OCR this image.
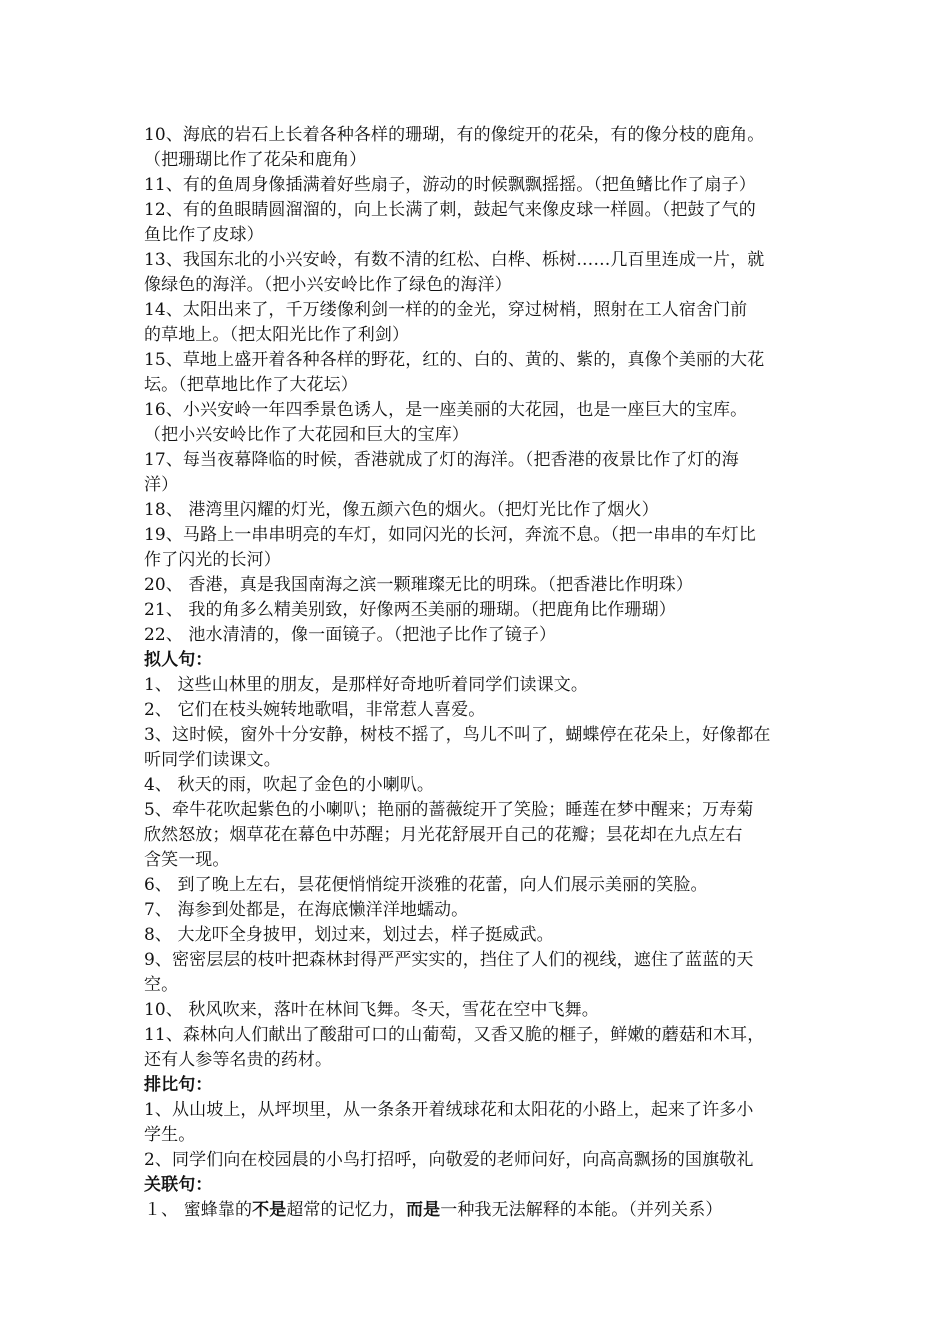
10、海底的岩石上长着各种各样的珊瑚，有的像绽开的花朵，有的像分枝的鹿角。
（把珊瑚比作了花朵和鹿角）
11、有的鱼周身像插满着好些扇子，游动的时候飘飘摇摇。（把鱼鳍比作了扇子）
12、有的鱼眼睛圆溜溜的，向上长满了刺，鼓起气来像皮球一样圆。（把鼓了气的
鱼比作了皮球）
13、我国东北的小兴安岭，有数不清的红松、白桦、栎树……几百里连成一片，就
像绿色的海洋。（把小兴安岭比作了绿色的海洋）
14、太阳出来了，千万缕像利剑一样的的金光，穿过树梢，照射在工人宿舍门前
的草地上。（把太阳光比作了利剑）
15、草地上盛开着各种各样的野花，红的、白的、黄的、紫的，真像个美丽的大花
坛。（把草地比作了大花坛）
16、小兴安岭一年四季景色诱人，是一座美丽的大花园，也是一座巨大的宝库。
（把小兴安岭比作了大花园和巨大的宝库）
17、每当夜幕降临的时候，香港就成了灯的海洋。（把香港的夜景比作了灯的海
洋）
18、 港湾里闪耀的灯光，像五颜六色的烟火。（把灯光比作了烟火）
19、马路上一串串明亮的车灯，如同闪光的长河，奔流不息。（把一串串的车灯比
作了闪光的长河）
20、 香港，真是我国南海之滨一颗璀璨无比的明珠。（把香港比作明珠）
21、 我的角多么精美别致，好像两丕美丽的珊瑚。（把鹿角比作珊瑚）
22、 池水清清的，像一面镜子。（把池子比作了镜子）
拟人句：
1、 这些山林里的朋友，是那样好奇地听着同学们读课文。
2、 它们在枝头婉转地歌唱，非常惹人喜爱。
3、这时候，窗外十分安静，树枝不摇了，鸟儿不叫了，蝴蝶停在花朵上，好像都在
听同学们读课文。
4、 秋天的雨，吹起了金色的小喇叭。
5、牵牛花吹起紫色的小喇叭；艳丽的蔷薇绽开了笑脸；睡莲在梦中醒来；万寿菊
欣然怒放；烟草花在幕色中苏醒；月光花舒展开自己的花瓣；昙花却在九点左右
含笑一现。
6、 到了晚上左右，昙花便悄悄绽开淡雅的花蕾，向人们展示美丽的笑脸。
7、 海参到处都是，在海底懒洋洋地蠕动。
8、 大龙吓全身披甲，划过来，划过去，样子挺威武。
9、密密层层的枝叶把森林封得严严实实的，挡住了人们的视线，遮住了蓝蓝的天
空。
10、 秋风吹来，落叶在林间飞舞。冬天，雪花在空中飞舞。
11、森林向人们献出了酸甜可口的山葡萄，又香又脆的榧子，鲜嫩的蘑菇和木耳，
还有人参等名贵的药材。
排比句：
1、从山坡上，从坪坝里，从一条条开着绒球花和太阳花的小路上，起来了许多小
学生。
2、同学们向在校园晨的小鸟打招呼，向敬爱的老师问好，向高高飘扬的国旗敬礼
关联句：
１、 蜜蜂靠的不是超常的记忆力，而是一种我无法解释的本能。（并列关系）
